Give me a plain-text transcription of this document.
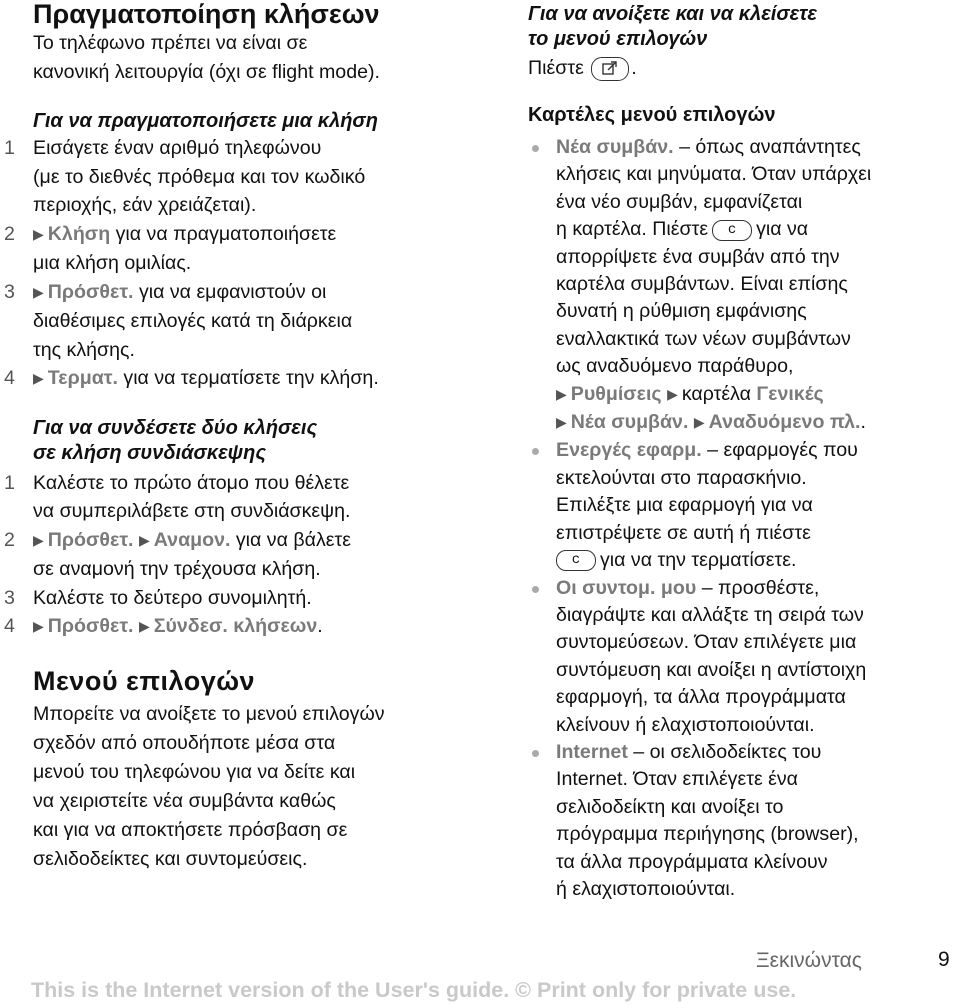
Πραγματοποίηση κλήσεων

Το τηλέφωνο πρέπει να είναι σε
κανονική λειτουργία (όχι σε flight mode).

Για να πραγματοποιήσετε μια κλήση
1 Εισάγετε έναν αριθμό τηλεφώνου
(με το διεθνές πρόθεμα και τον κωδικό
περιοχής, εάν χρειάζεται).
2 ▶ Κλήση για να πραγματοποιήσετε
μια κλήση ομιλίας.
3 ▶ Πρόσθετ. για να εμφανιστούν οι
διαθέσιμες επιλογές κατά τη διάρκεια
της κλήσης.
4 ▶ Τερματ. για να τερματίσετε την κλήση.
Για να συνδέσετε δύο κλήσεις
σε κλήση συνδιάσκεψης
1 Καλέστε το πρώτο άτομο που θέλετε
να συμπεριλάβετε στη συνδιάσκεψη.
2 ▶ Πρόσθετ. ▶ Αναμον. για να βάλετε
σε αναμονή την τρέχουσα κλήση.
3 Καλέστε το δεύτερο συνομιλητή.
4 ▶ Πρόσθετ. ▶ Σύνδεσ. κλήσεων.
Μενού επιλογών

Μπορείτε να ανοίξετε το μενού επιλογών
σχεδόν από οπουδήποτε μέσα στα
μενού του τηλεφώνου για να δείτε και
να χειριστείτε νέα συμβάντα καθώς
και για να αποκτήσετε πρόσβαση σε
σελιδοδείκτες και συντομεύσεις.

Για να ανοίξετε και να κλείσετε
το μενού επιλογών

Πιέστε .

Καρτέλες μενού επιλογών
Νέα συμβάν. – όπως αναπάντητες
κλήσεις και μηνύματα. Όταν υπάρχει
ένα νέο συμβάν, εμφανίζεται
η καρτέλα. Πιέστε c για να
απορρίψετε ένα συμβάν από την
καρτέλα συμβάντων. Είναι επίσης
δυνατή η ρύθμιση εμφάνισης
εναλλακτικά των νέων συμβάντων
ως αναδυόμενο παράθυρο,
▶ Ρυθμίσεις ▶ καρτέλα Γενικές
▶ Νέα συμβάν. ▶ Αναδυόμενο πλ..
Ενεργές εφαρμ. – εφαρμογές που
εκτελούνται στο παρασκήνιο.
Επιλέξτε μια εφαρμογή για να
επιστρέψετε σε αυτή ή πιέστε
c για να την τερματίσετε.
Οι συντομ. μου – προσθέστε,
διαγράψτε και αλλάξτε τη σειρά των
συντομεύσεων. Όταν επιλέγετε μια
συντόμευση και ανοίξει η αντίστοιχη
εφαρμογή, τα άλλα προγράμματα
κλείνουν ή ελαχιστοποιούνται.
Internet – οι σελιδοδείκτες του
Internet. Όταν επιλέγετε ένα
σελιδοδείκτη και ανοίξει το
πρόγραμμα περιήγησης (browser),
τα άλλα προγράμματα κλείνουν
ή ελαχιστοποιούνται.
Ξεκινώντας	9
This is the Internet version of the User's guide. © Print only for private use.
